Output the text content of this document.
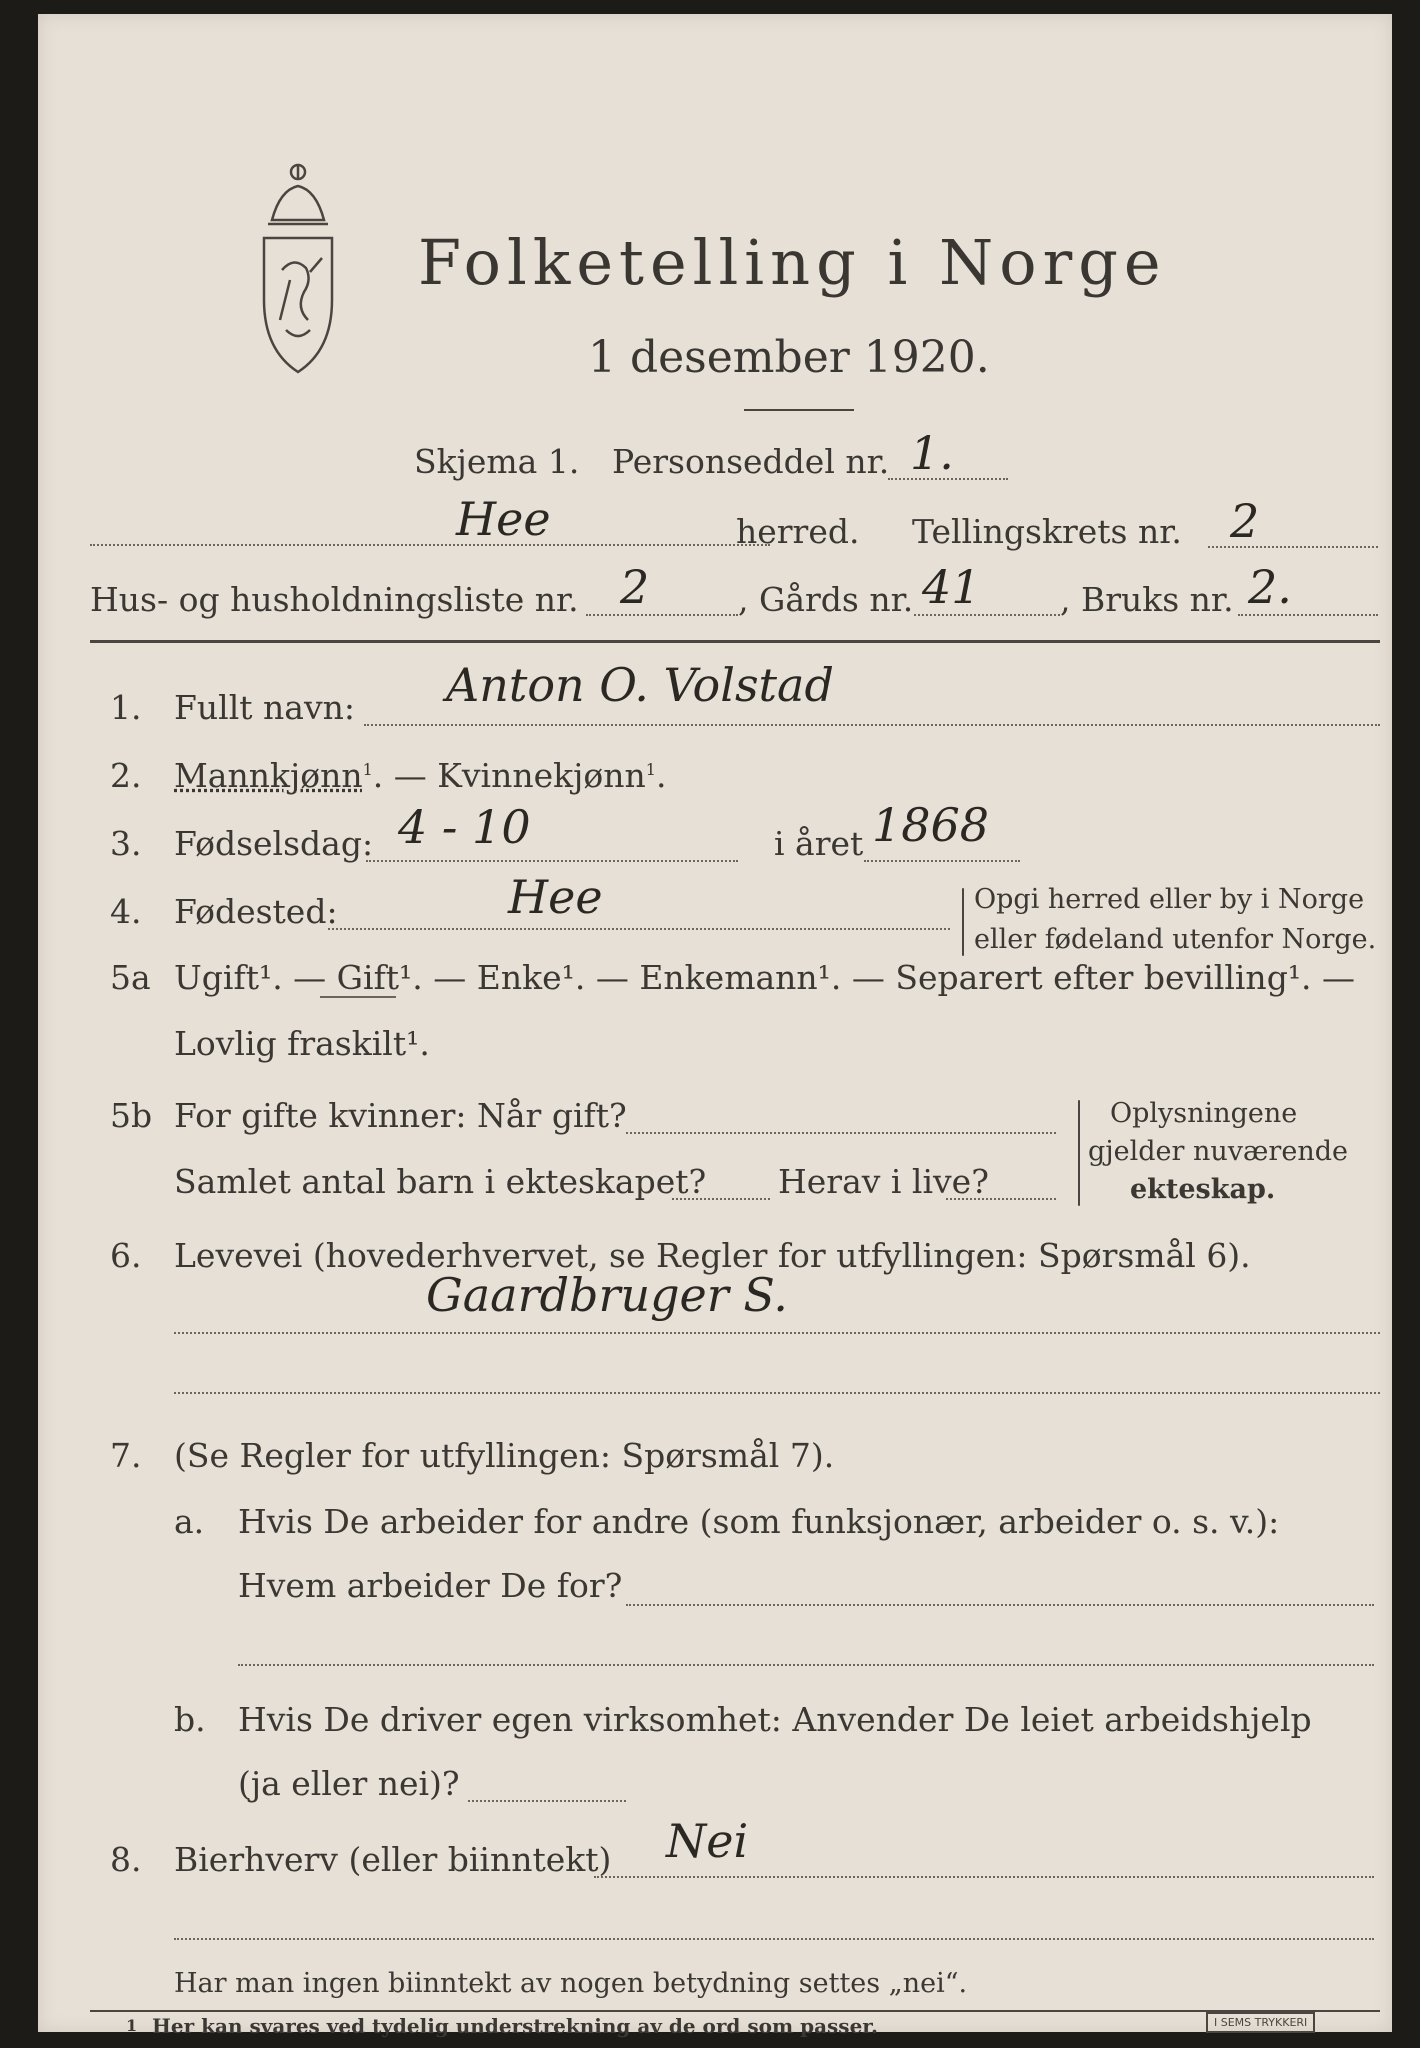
Folketelling i Norge
1 desember 1920.
Skjema 1. Personseddel nr. 1.
Hee	herred. Tellingskrets nr. 2
Hus- og husholdningsliste nr. 2	, Gårds nr. 41 , Bruks nr. 2.
1. Fullt navn: Anton O. Volstad
2. Mannkjønn$^1$. — Kvinnekjønn$^1$.
3. Fødselsdag: 4 - 10	i året 1868
4. Fødested:	Hee	Opgi herred eller by i Norge
eller fødeland utenfor Norge.
5a Ugift¹. — Gift¹. — Enke¹. — Enkemann¹. — Separert efter bevilling¹. —
Lovlig fraskilt¹.
5b For gifte kvinner: Når gift?
Samlet antal barn i ekteskapet? Herav i live?
Oplysningene
gjelder nuværende
ekteskap.
6. Levevei (hovederhvervet, se Regler for utfyllingen: Spørsmål 6).
Gaardbruger S.
7. (Se Regler for utfyllingen: Spørsmål 7).
a. Hvis De arbeider for andre (som funksjonær, arbeider o. s. v.):
Hvem arbeider De for?
b. Hvis De driver egen virksomhet: Anvender De leiet arbeidshjelp
(ja eller nei)?
8. Bierhverv (eller biinntekt) Nei
Har man ingen biinntekt av nogen betydning settes „nei“.
1 Her kan svares ved tydelig understrekning av de ord som passer.	I SEMS TRYKKERI
